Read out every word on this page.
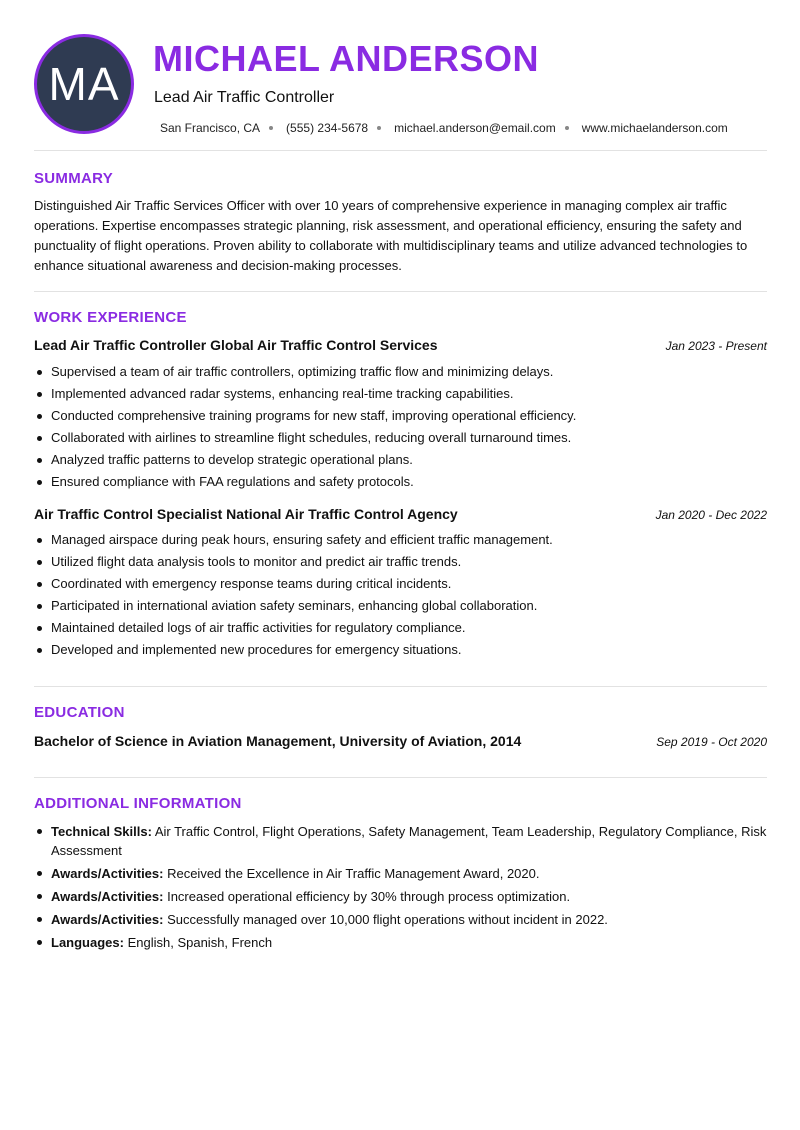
MA MICHAEL ANDERSON
Lead Air Traffic Controller
San Francisco, CA (555) 234-5678 michael.anderson@email.com www.michaelanderson.com
SUMMARY
Distinguished Air Traffic Services Officer with over 10 years of comprehensive experience in managing complex air traffic operations. Expertise encompasses strategic planning, risk assessment, and operational efficiency, ensuring the safety and punctuality of flight operations. Proven ability to collaborate with multidisciplinary teams and utilize advanced technologies to enhance situational awareness and decision-making processes.
WORK EXPERIENCE
Lead Air Traffic Controller Global Air Traffic Control Services	Jan 2023 - Present
Supervised a team of air traffic controllers, optimizing traffic flow and minimizing delays.
Implemented advanced radar systems, enhancing real-time tracking capabilities.
Conducted comprehensive training programs for new staff, improving operational efficiency.
Collaborated with airlines to streamline flight schedules, reducing overall turnaround times.
Analyzed traffic patterns to develop strategic operational plans.
Ensured compliance with FAA regulations and safety protocols.
Air Traffic Control Specialist National Air Traffic Control Agency	Jan 2020 - Dec 2022
Managed airspace during peak hours, ensuring safety and efficient traffic management.
Utilized flight data analysis tools to monitor and predict air traffic trends.
Coordinated with emergency response teams during critical incidents.
Participated in international aviation safety seminars, enhancing global collaboration.
Maintained detailed logs of air traffic activities for regulatory compliance.
Developed and implemented new procedures for emergency situations.
EDUCATION
Bachelor of Science in Aviation Management, University of Aviation, 2014	Sep 2019 - Oct 2020
ADDITIONAL INFORMATION
Technical Skills: Air Traffic Control, Flight Operations, Safety Management, Team Leadership, Regulatory Compliance, Risk Assessment
Awards/Activities: Received the Excellence in Air Traffic Management Award, 2020.
Awards/Activities: Increased operational efficiency by 30% through process optimization.
Awards/Activities: Successfully managed over 10,000 flight operations without incident in 2022.
Languages: English, Spanish, French
